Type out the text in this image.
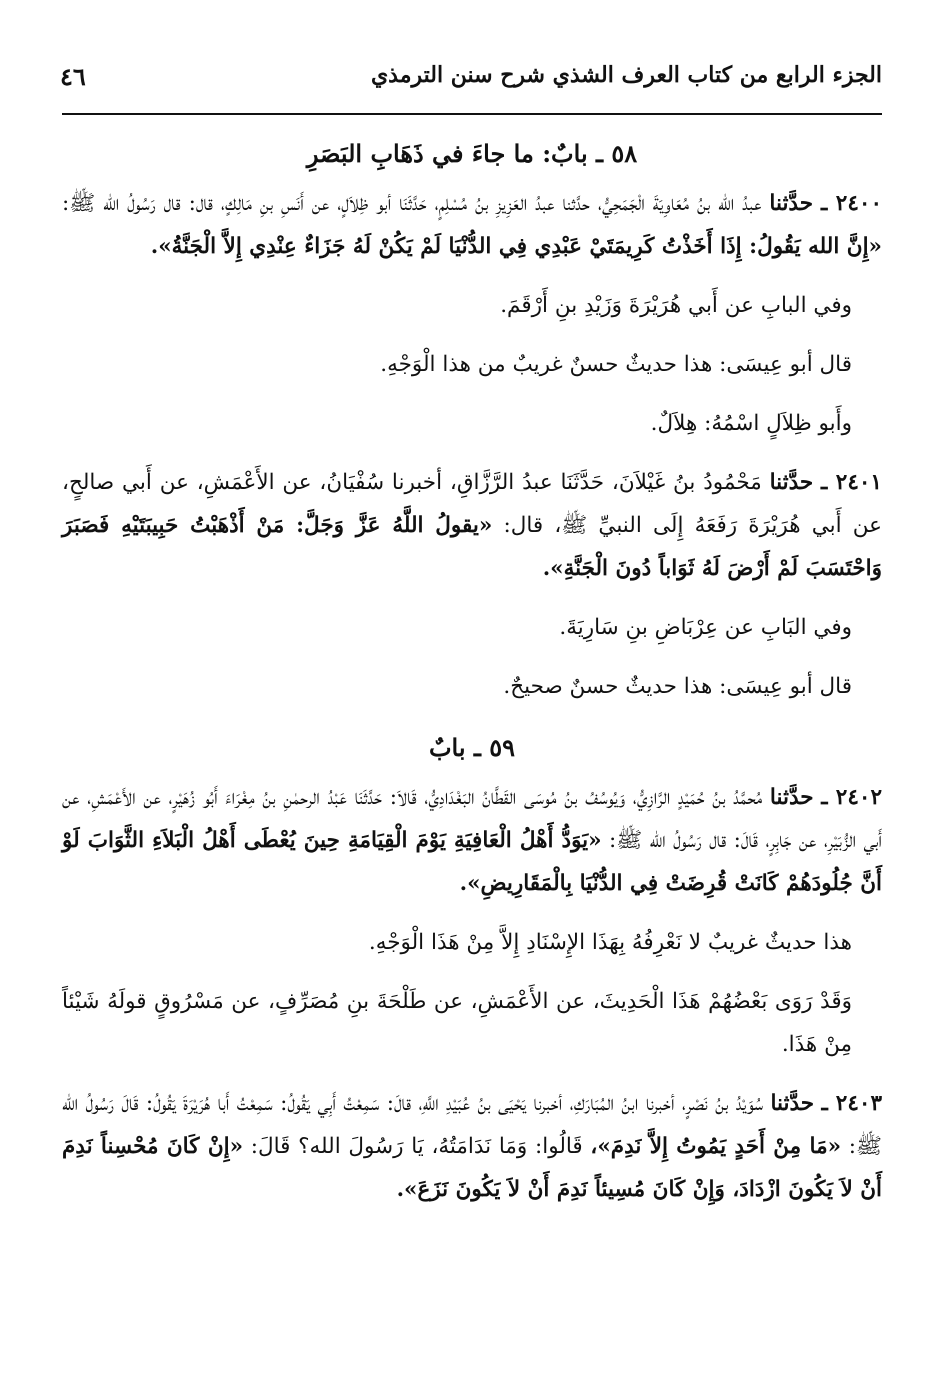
٤٦	الجزء الرابع من كتاب العرف الشذي شرح سنن الترمذي
٥٨ ـ بابٌ: ما جاءَ في ذَهَابِ البَصَرِ

٢٤٠٠ ـ حدَّثنا عبدُ الله بنُ مُعَاوِيَةَ الْجَمَحِيُّ، حدَّثنا عبدُ العَزِيزِ بنُ مُسْلِمٍ، حَدَّثَنَا أبو ظِلاَلٍ، عن أَنَسِ بنِ مَالِكٍ، قال: قال رَسُولُ الله ﷺ: «إِنَّ الله يَقُولُ: إِذَا أَخَذْتُ كَرِيمَتَيْ عَبْدِي فِي الدُّنْيَا لَمْ يَكُنْ لَهُ جَزَاءٌ عِنْدِي إِلاَّ الْجَنَّةُ».

وفي البابِ عن أَبي هُرَيْرَةَ وَزَيْدِ بنِ أَرْقَمَ.

قال أبو عِيسَى: هذا حديثٌ حسنٌ غريبٌ من هذا الْوَجْهِ.

وأَبو ظِلاَلٍ اسْمُهُ: هِلاَلٌ.

٢٤٠١ ـ حدَّثنا مَحْمُودُ بنُ غَيْلاَنَ، حَدَّثَنَا عبدُ الرَّزَّاقِ، أخبرنا سُفْيَانُ، عن الأَعْمَشِ، عن أَبي صالحٍ، عن أَبي هُرَيْرَةَ رَفَعَهُ إِلَى النبيِّ ﷺ، قال: «يقولُ اللَّهُ عَزَّ وَجَلَّ: مَنْ أَذْهَبْتُ حَبِيبَتَيْهِ فَصَبَرَ وَاحْتَسَبَ لَمْ أَرْضَ لَهُ ثَوَاباً دُونَ الْجَنَّةِ».

وفي البَابِ عن عِرْبَاضِ بنِ سَارِيَةَ.

قال أبو عِيسَى: هذا حديثٌ حسنٌ صحيحٌ.

٥٩ ـ بابٌ

٢٤٠٢ ـ حدَّثنا مُحمَّدُ بنُ حُمَيْدٍ الرَّازِيُّ، وَيُوسُفُ بنُ مُوسَى القَطَّانُ البَغْدَادِيُّ، قَالاَ: حَدَّثَنَا عَبْدُ الرحمٰنِ بنُ مِغْرَاءَ أَبُو زُهَيْرٍ، عن الأَعْمَشِ، عن أَبي الزُّبَيْرِ، عن جَابِرٍ، قَالَ: قال رَسُولُ الله ﷺ: «يَوَدُّ أَهْلُ الْعَافِيَةِ يَوْمَ الْقِيَامَةِ حِينَ يُعْطَى أَهْلُ الْبَلاَءِ الثَّوَابَ لَوْ أَنَّ جُلُودَهُمْ كَانَتْ قُرِضَتْ فِي الدُّنْيَا بِالْمَقَارِيضِ».

هذا حديثٌ غريبٌ لا نَعْرِفُهُ بِهَذَا الإِسْنَادِ إِلاَّ مِنْ هَذَا الْوَجْهِ.

وَقَدْ رَوَى بَعْضُهُمْ هَذَا الْحَدِيثَ، عن الأَعْمَشِ، عن طَلْحَةَ بنِ مُصَرِّفٍ، عن مَسْرُوقٍ قولَهُ شَيْئاً مِنْ هَذَا.

٢٤٠٣ ـ حدَّثنا سُوَيْدُ بنُ نَصْرٍ، أخبرنا ابنُ المُبَارَكِ، أخبرنا يَحْيَى بنُ عُبَيْدِ اللَّهِ، قالَ: سَمِعْتُ أَبِي يَقُولُ: سَمِعْتُ أَبا هُرَيْرَةَ يَقُولُ: قَالَ رَسُولُ الله ﷺ: «مَا مِنْ أَحَدٍ يَمُوتُ إِلاَّ نَدِمَ»، قَالُوا: وَمَا نَدَامَتُهُ، يَا رَسُولَ الله؟ قَالَ: «إِنْ كَانَ مُحْسِناً نَدِمَ أَنْ لاَ يَكُونَ ازْدَادَ، وَإِنْ كَانَ مُسِيئاً نَدِمَ أَنْ لاَ يَكُونَ نَزَعَ».
